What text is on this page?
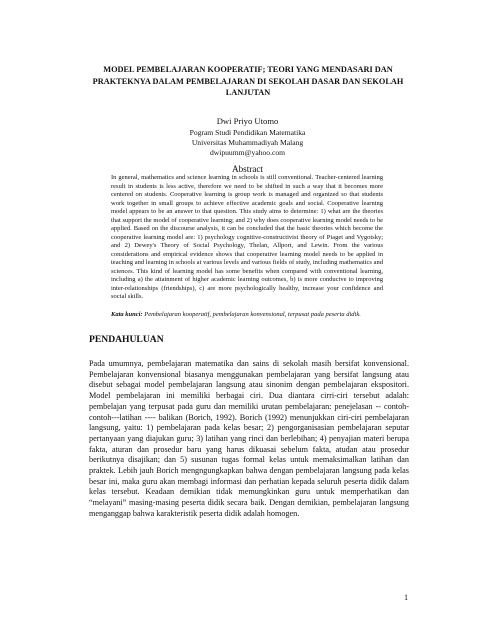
MODEL PEMBELAJARAN KOOPERATIF; TEORI YANG MENDASARI DAN PRAKTEKNYA DALAM PEMBELAJARAN DI SEKOLAH DASAR DAN SEKOLAH LANJUTAN
Dwi Priyo Utomo
Pogram Studi Pendidikan Matematika
Universitas Muhammadiyah Malang
dwipuumm@yahoo.com
Abstract

In general, mathematics and science learning in schools is still conventional. Teacher-centered learning result in students is less active, therefore we need to be shifted in such a way that it becomes more centered on students. Cooperative learning is group work is managed and organized so that students work together in small groups to achieve effective academic goals and social. Cooperative learning model appears to be an answer to that question. This study aims to determine: 1) what are the theories that support the model of cooperative learning; and 2) why does cooperative learning model needs to be applied. Based on the discourse analysis, it can be concluded that the basic theories which become the cooperative learning model are: 1) psychology cognitive-constructivist theory of Piaget and Vygotsky; and 2) Dewey's Theory of Social Psychology, Thelan, Allport, and Lewin. From the various considerations and empirical evidence shows that cooperative learning model needs to be applied in teaching and learning in schools at various levels and various fields of study, including mathematics and sciences. This kind of learning model has some benefits when compared with conventional learning, including a) the attainment of higher academic learning outcomes, b) is more conducive to improving inter-relationships (friendships), c) are more psychologically healthy, increase your confidence and social skills.

Kata kunci: Pembelajaran kooperatif, pembelajaran konvensional, terpusat pada peserta didik.

PENDAHULUAN

Pada umumnya, pembelajaran matematika dan sains di sekolah masih bersifat konvensional. Pembelajaran konvensional biasanya menggunakan pembelajaran yang bersifat langsung atau disebut sebagai model pembelajaran langsung atau sinonim dengan pembelajaran ekspositori. Model pembelajaran ini memiliki berbagai ciri. Dua diantara cirri-ciri tersebut adalah: pembelajan yang terpusat pada guru dan memiliki urutan pembelajaran: penejelasan -- contoh-contoh---latihan ---- balikan (Borich, 1992). Borich (1992) menunjukkan ciri-ciri pembelajaran langsung, yaitu: 1) pembelajaran pada kelas besar; 2) pengorganisasian pembelajaran seputar pertanyaan yang diajukan guru; 3) latihan yang rinci dan berlebihan; 4) penyajian materi berupa fakta, aturan dan prosedur baru yang harus dikuasai sebelum fakta, atudan atau prosedur berikutnya disajikan; dan 5) susunan tugas formal kelas untuk memaksimalkan latihan dan praktek. Lebih jauh Borich mengngungkapkan bahwa dengan pembelajaran langsung pada kelas besar ini, maka guru akan membagi informasi dan perhatian kepada seluruh peserta didik dalam kelas tersebut. Keadaan demikian tidak memungkinkan guru untuk memperhatikan dan “melayani” masing-masing peserta didik secara baik. Dengan demikian, pembelajaran langsung menganggap bahwa karakteristik peserta didik adalah homogen.

1
